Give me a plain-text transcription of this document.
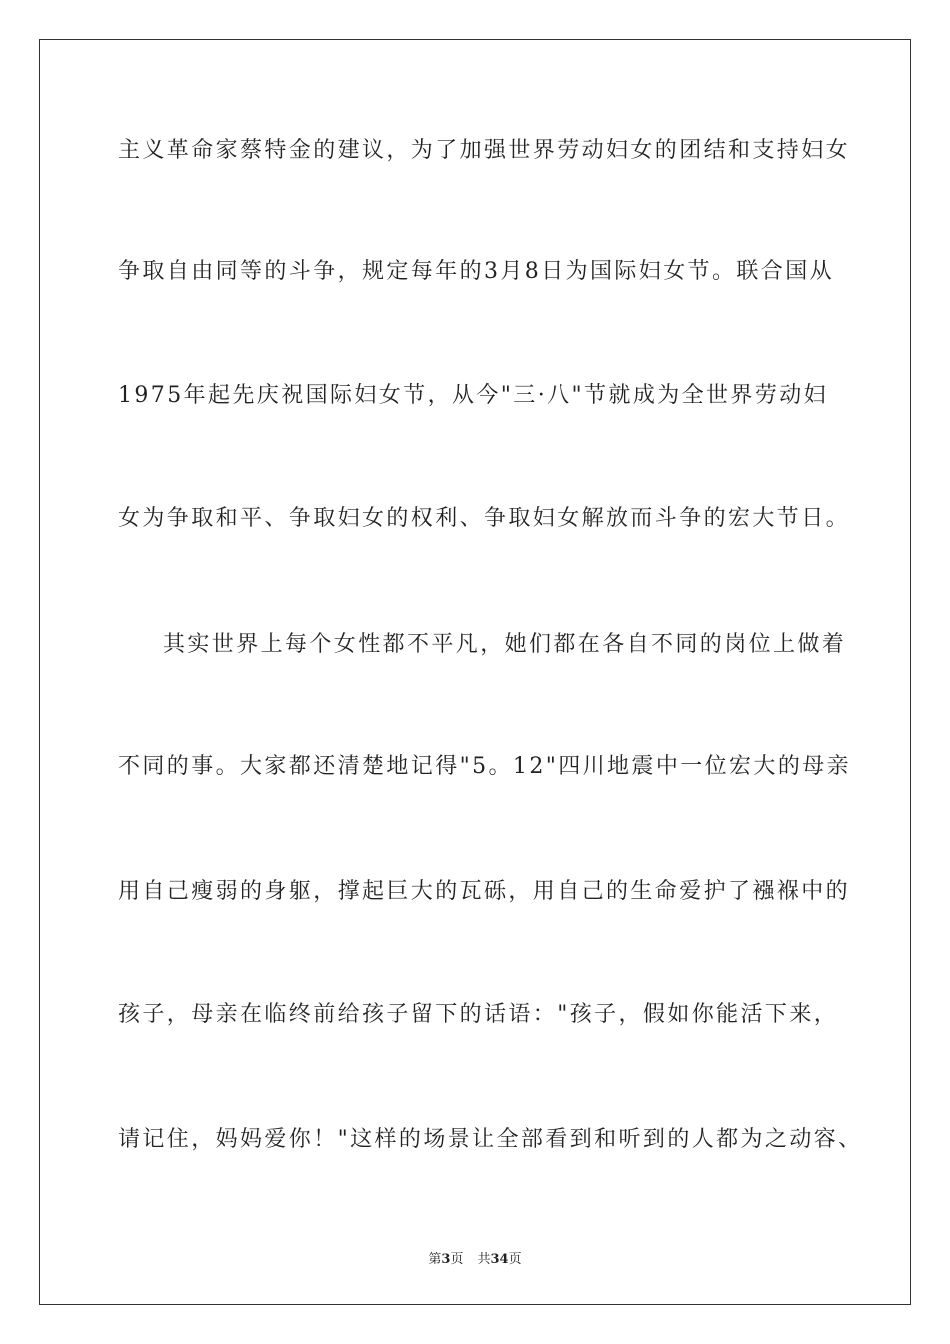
主义革命家蔡特金的建议，为了加强世界劳动妇女的团结和支持妇女
争取自由同等的斗争，规定每年的3月8日为国际妇女节。联合国从
1975年起先庆祝国际妇女节，从今"三·八"节就成为全世界劳动妇
女为争取和平、争取妇女的权利、争取妇女解放而斗争的宏大节日。
其实世界上每个女性都不平凡，她们都在各自不同的岗位上做着
不同的事。大家都还清楚地记得"5。12"四川地震中一位宏大的母亲
用自己瘦弱的身躯，撑起巨大的瓦砾，用自己的生命爱护了襁褓中的
孩子，母亲在临终前给孩子留下的话语："孩子，假如你能活下来，
请记住，妈妈爱你！"这样的场景让全部看到和听到的人都为之动容、
第3页 共34页
